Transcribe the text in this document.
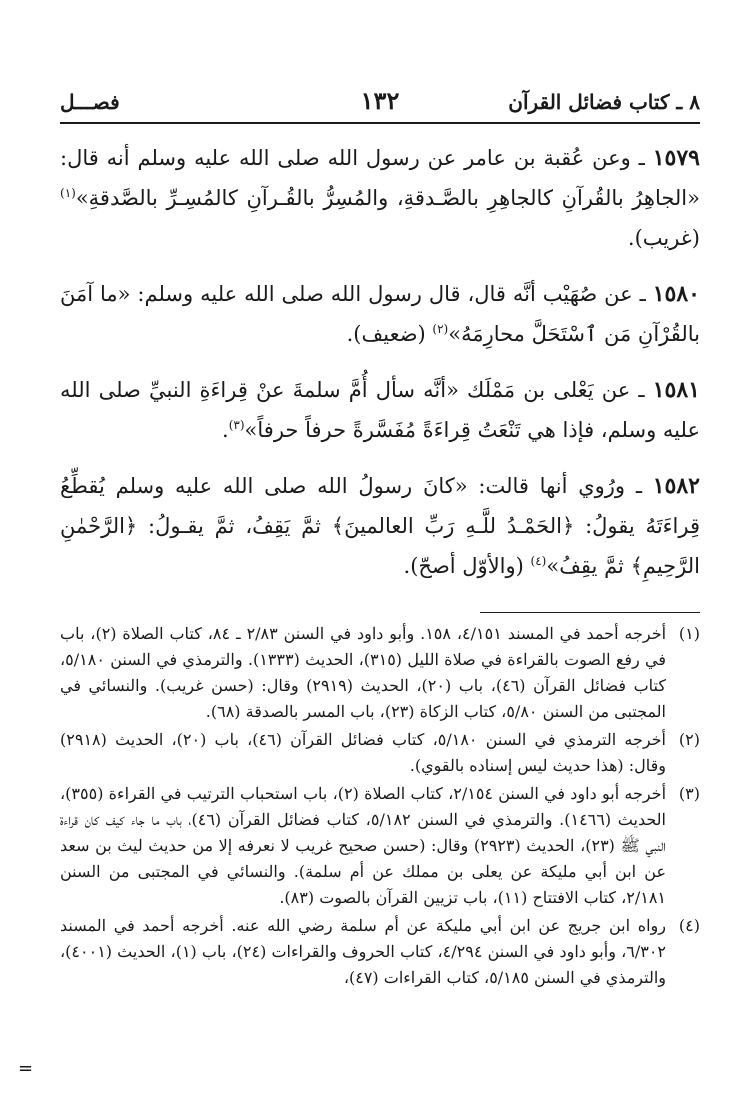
٨ ـ كتاب فضائل القرآن
١٣٢
فصـــل

١٥٧٩ ـ وعن عُقبة بن عامر عن رسول الله صلى الله عليه وسلم أنه قال: «الجاهِرُ بالقُرآنِ كالجاهِرِ بالصَّـدقةِ، والمُسِرُّ بالقُـرآنِ كالمُسِـرِّ بالصَّدقةِ»$^{(١)}$ (غريب).

١٥٨٠ ـ عن صُهَيْب أنَّه قال، قال رسول الله صلى الله عليه وسلم: «ما آمَنَ بالقُرْآنِ مَن ٱسْتَحَلَّ محارِمَهُ»$^{(٢)}$ (ضعيف).

١٥٨١ ـ عن يَعْلى بن مَمْلَك «أنَّه سأل أُمَّ سلمةَ عنْ قِراءَةِ النبيِّ صلى الله عليه وسلم، فإذا هي تَنْعَتُ قِراءَةً مُفَسَّرةً حرفاً حرفاً»$^{(٣)}$.

١٥٨٢ ـ ورُوي أنها قالت: «كانَ رسولُ الله صلى الله عليه وسلم يُقطِّعُ قِراءَتَهُ يقولُ: ﴿الحَمْـدُ للَّـهِ رَبِّ العالمينَ﴾ ثمَّ يَقِفُ، ثمَّ يقـولُ: ﴿الرَّحْمٰنِ الرَّحِيمِ﴾ ثمَّ يقِفُ»$^{(٤)}$ (والأوّل أصحّ).

(١)
أخرجه أحمد في المسند ٤/١٥١، ١٥٨. وأبو داود في السنن ٢/٨٣ ـ ٨٤، كتاب الصلاة (٢)، باب في رفع الصوت بالقراءة في صلاة الليل (٣١٥)، الحديث (١٣٣٣). والترمذي في السنن ٥/١٨٠، كتاب فضائل القرآن (٤٦)، باب (٢٠)، الحديث (٢٩١٩) وقال: (حسن غريب). والنسائي في المجتبى من السنن ٥/٨٠، كتاب الزكاة (٢٣)، باب المسر بالصدقة (٦٨).
(٢)
أخرجه الترمذي في السنن ٥/١٨٠، كتاب فضائل القرآن (٤٦)، باب (٢٠)، الحديث (٢٩١٨) وقال: (هذا حديث ليس إسناده بالقوي).
(٣)
أخرجه أبو داود في السنن ٢/١٥٤، كتاب الصلاة (٢)، باب استحباب الترتيب في القراءة (٣٥٥)، الحديث (١٤٦٦). والترمذي في السنن ٥/١٨٢، كتاب فضائل القرآن (٤٦)، باب ما جاء كيف كان قراءة النبي ﷺ (٢٣)، الحديث (٢٩٢٣) وقال: (حسن صحيح غريب لا نعرفه إلا من حديث ليث بن سعد عن ابن أبي مليكة عن يعلى بن مملك عن أم سلمة). والنسائي في المجتبى من السنن ٢/١٨١، كتاب الافتتاح (١١)، باب تزيين القرآن بالصوت (٨٣).
(٤)
رواه ابن جريج عن ابن أبي مليكة عن أم سلمة رضي الله عنه. أخرجه أحمد في المسند ٦/٣٠٢، وأبو داود في السنن ٤/٢٩٤، كتاب الحروف والقراءات (٢٤)، باب (١)، الحديث (٤٠٠١)، والترمذي في السنن ٥/١٨٥، كتاب القراءات (٤٧)،
=
